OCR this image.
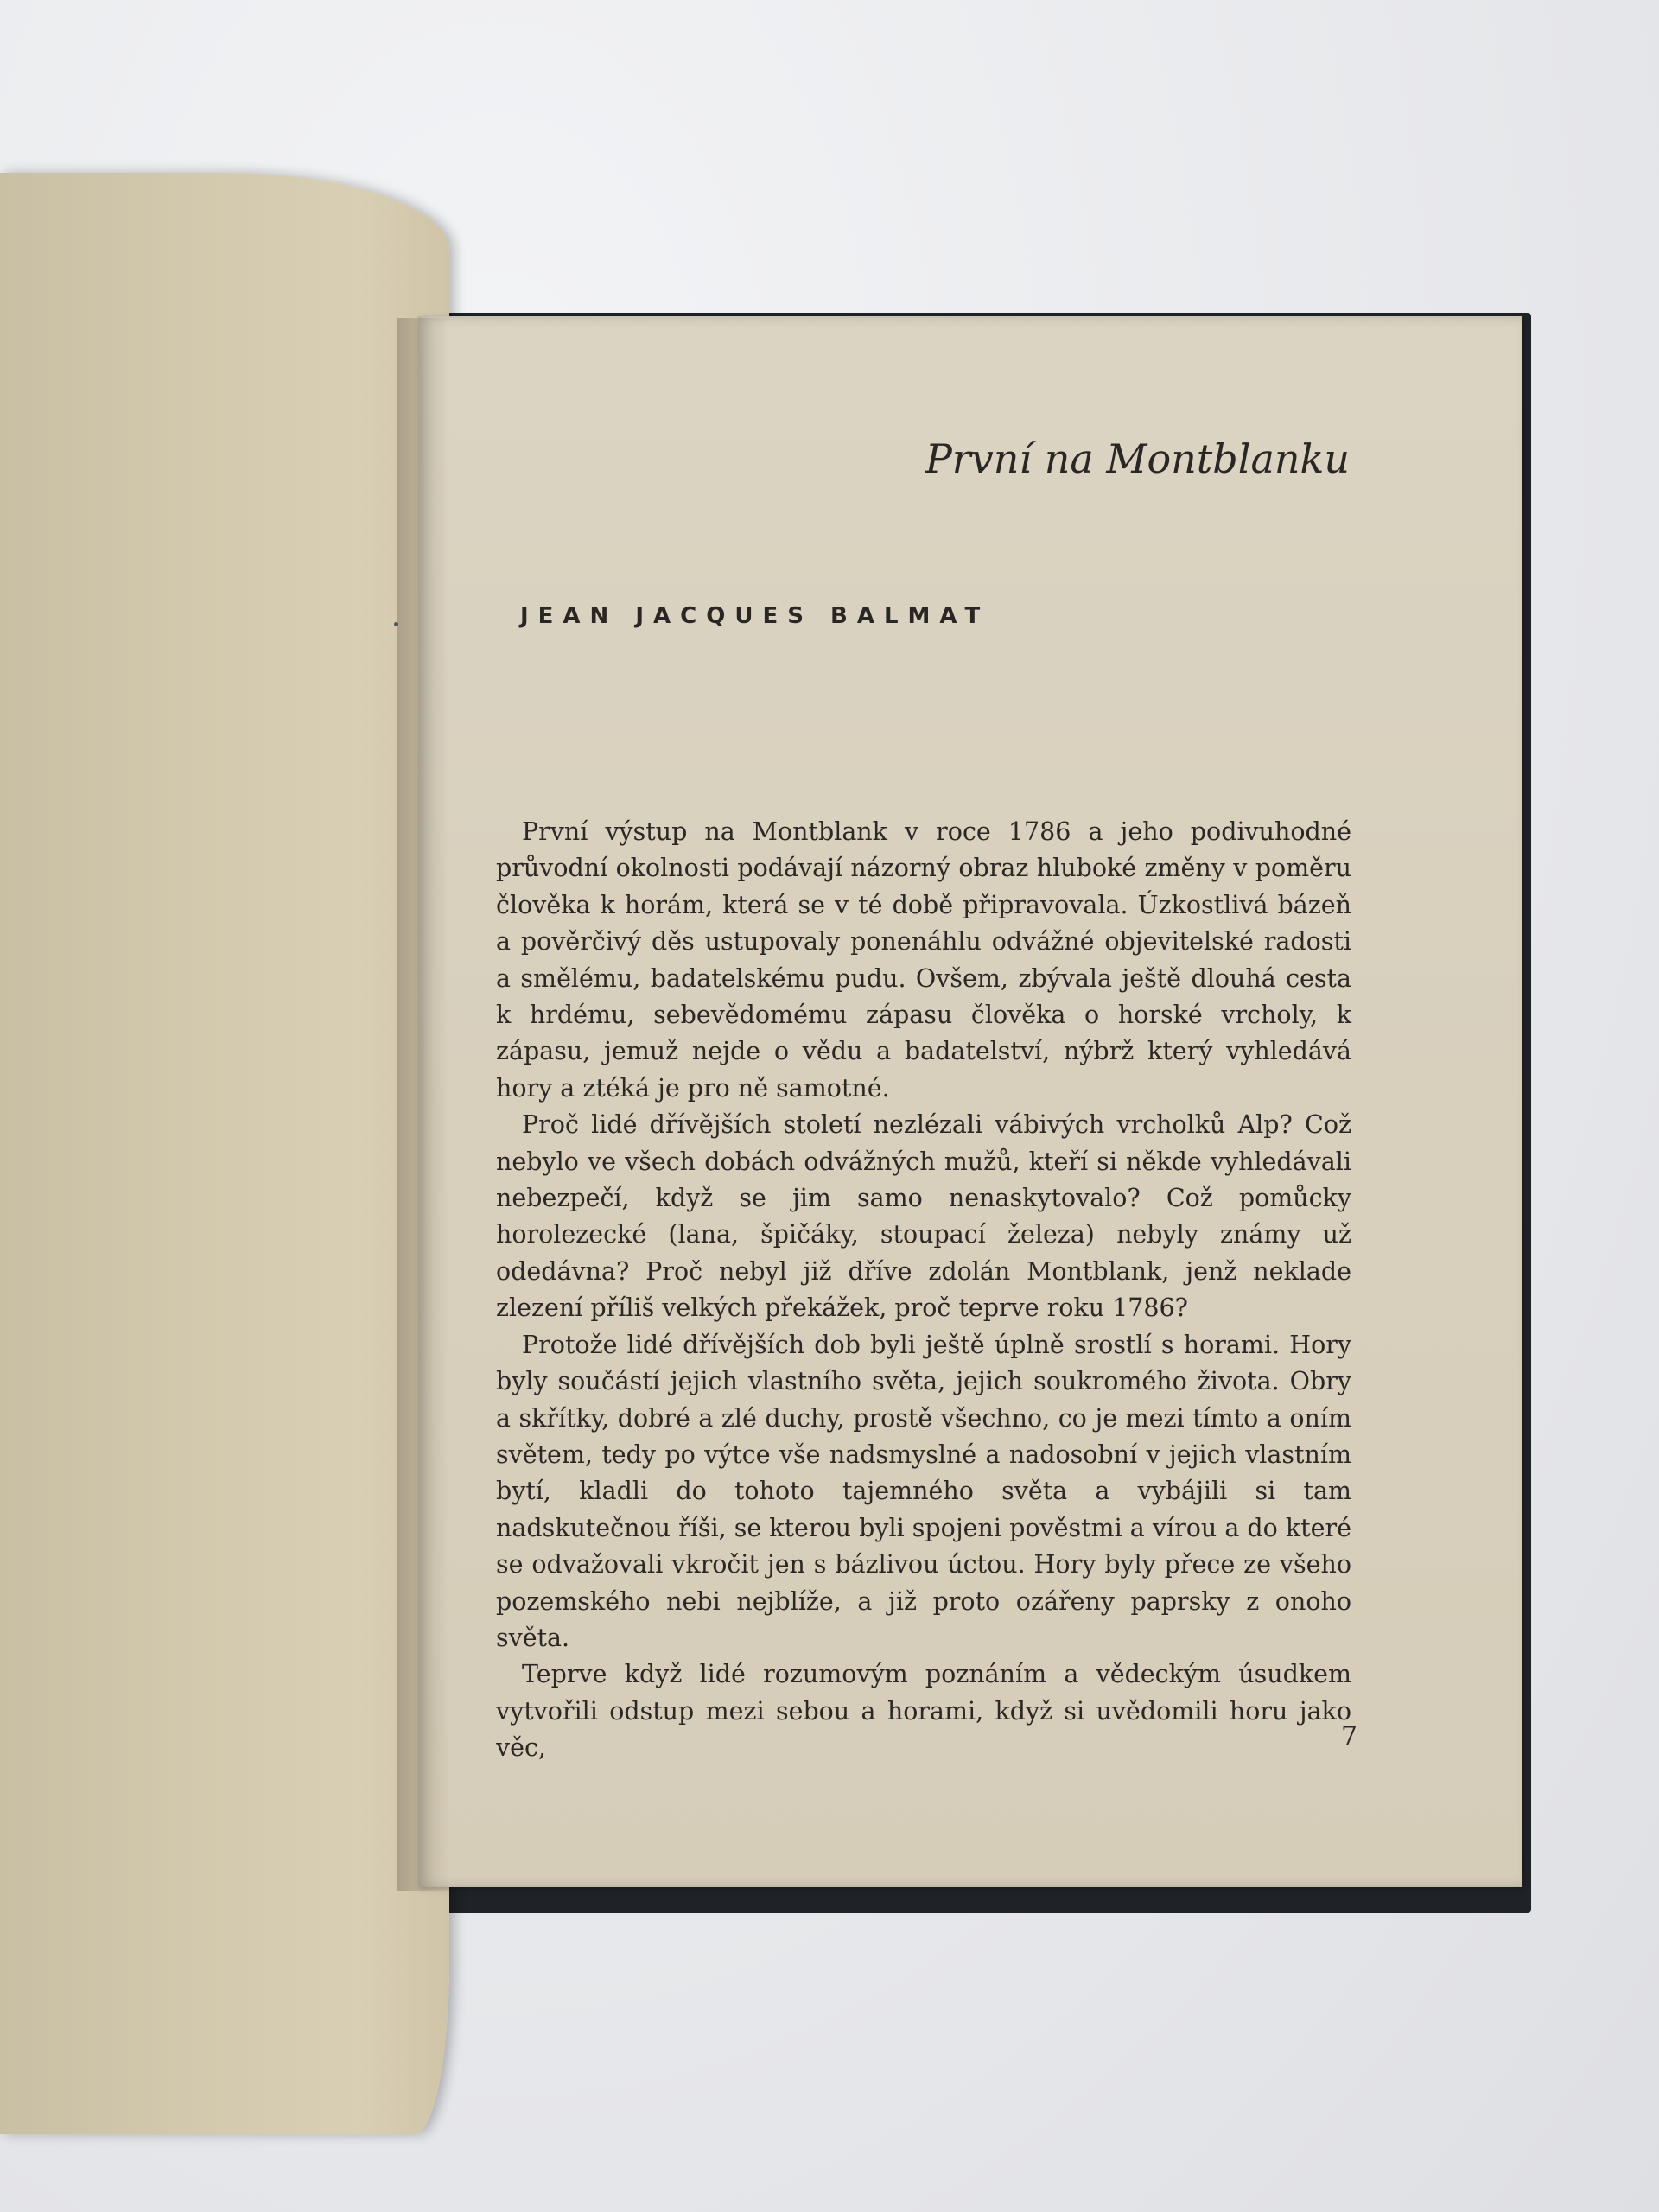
První na Montblanku
JEAN JACQUES BALMAT

První výstup na Montblank v roce 1786 a jeho podivuhodné průvodní okolnosti podávají názorný obraz hluboké změny v poměru člověka k horám, která se v té době připravovala. Úzkostlivá bázeň a pověrčivý děs ustupovaly ponenáhlu odvážné objevitelské radosti a smělému, badatelskému pudu. Ovšem, zbývala ještě dlouhá cesta k hrdému, sebevědomému zápasu člověka o horské vrcholy, k zápasu, jemuž nejde o vědu a badatelství, nýbrž který vyhledává hory a ztéká je pro ně samotné.

Proč lidé dřívějších století nezlézali vábivých vrcholků Alp? Což nebylo ve všech dobách odvážných mužů, kteří si někde vyhledávali nebezpečí, když se jim samo nenaskytovalo? Což pomůcky horolezecké (lana, špičáky, stoupací železa) nebyly známy už odedávna? Proč nebyl již dříve zdolán Montblank, jenž neklade zlezení příliš velkých překážek, proč teprve roku 1786?

Protože lidé dřívějších dob byli ještě úplně srostlí s horami. Hory byly součástí jejich vlastního světa, jejich soukromého života. Obry a skřítky, dobré a zlé duchy, prostě všechno, co je mezi tímto a oním světem, tedy po výtce vše nadsmyslné a nadosobní v jejich vlastním bytí, kladli do tohoto tajemného světa a vybájili si tam nadskutečnou říši, se kterou byli spojeni pověstmi a vírou a do které se odvažovali vkročit jen s bázlivou úctou. Hory byly přece ze všeho pozemského nebi nejblíže, a již proto ozářeny paprsky z onoho světa.

Teprve když lidé rozumovým poznáním a vědeckým úsudkem vytvořili odstup mezi sebou a horami, když si uvědomili horu jako věc,	7
